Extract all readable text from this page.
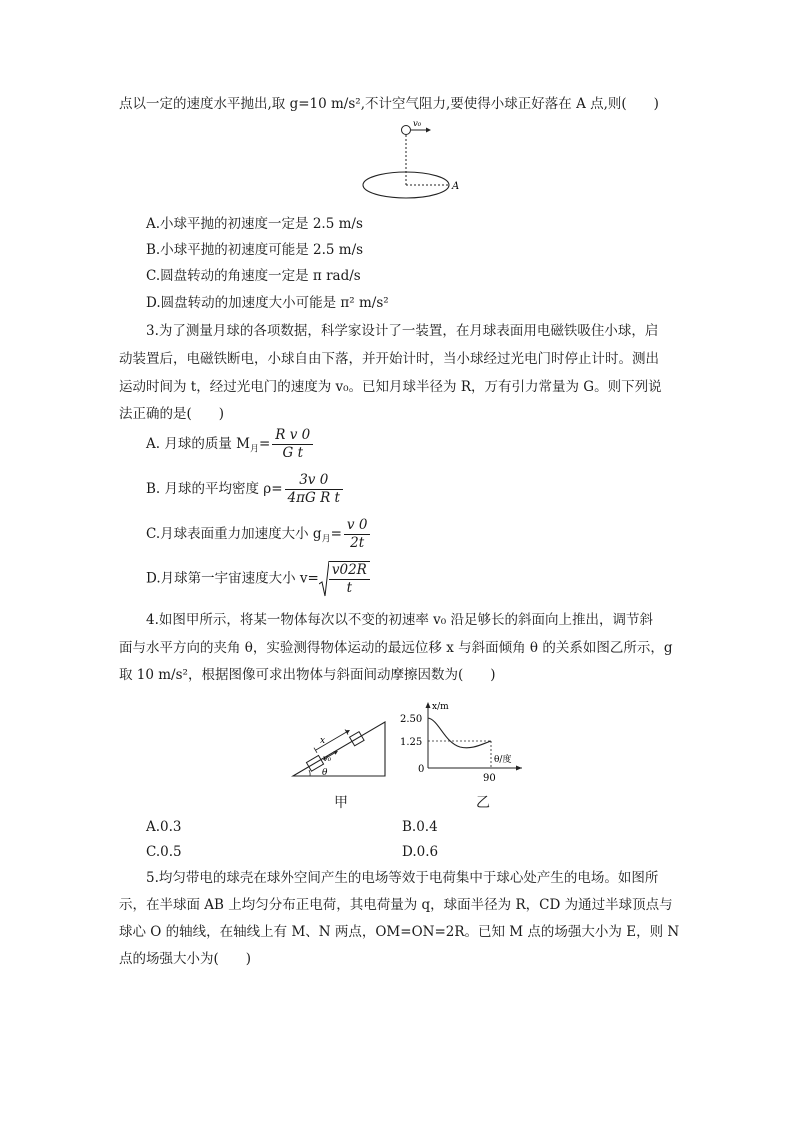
点以一定的速度水平抛出,取 g=10 m/s²,不计空气阻力,要使得小球正好落在 A 点,则(　　)
v₀
A
A.小球平抛的初速度一定是 2.5 m/s
B.小球平抛的初速度可能是 2.5 m/s
C.圆盘转动的角速度一定是 π rad/s
D.圆盘转动的加速度大小可能是 π² m/s²
3.为了测量月球的各项数据，科学家设计了一装置，在月球表面用电磁铁吸住小球，启
动装置后，电磁铁断电，小球自由下落，并开始计时，当小球经过光电门时停止计时。测出
运动时间为 t，经过光电门的速度为 v₀。已知月球半径为 R，万有引力常量为 G。则下列说
法正确的是(　　)
A. 月球的质量 $M_月= \frac{\text{R v 0}}{\text{G t}}$
B. 月球的平均密度 $\rho= \frac{3v 0}{\text{4πG R t}}$
C.月球表面重力加速度大小 $g_月= \frac{v 0}{2t}$
D.月球第一宇宙速度大小 $v= \frac{v02R}{t}$
4.如图甲所示，将某一物体每次以不变的初速率 v₀ 沿足够长的斜面向上推出，调节斜
面与水平方向的夹角 θ，实验测得物体运动的最远位移 x 与斜面倾角 θ 的关系如图乙所示，g
取 10 m/s²，根据图像可求出物体与斜面间动摩擦因数为(　　)
x
v₀
θ
x/m
θ/度
2.50
1.25
0
90
甲	乙
A.0.3	B.0.4
C.0.5	D.0.6
5.均匀带电的球壳在球外空间产生的电场等效于电荷集中于球心处产生的电场。如图所
示，在半球面 AB 上均匀分布正电荷，其电荷量为 q，球面半径为 R，CD 为通过半球顶点与
球心 O 的轴线，在轴线上有 M、N 两点，OM=ON=2R。已知 M 点的场强大小为 E，则 N
点的场强大小为(　　)
